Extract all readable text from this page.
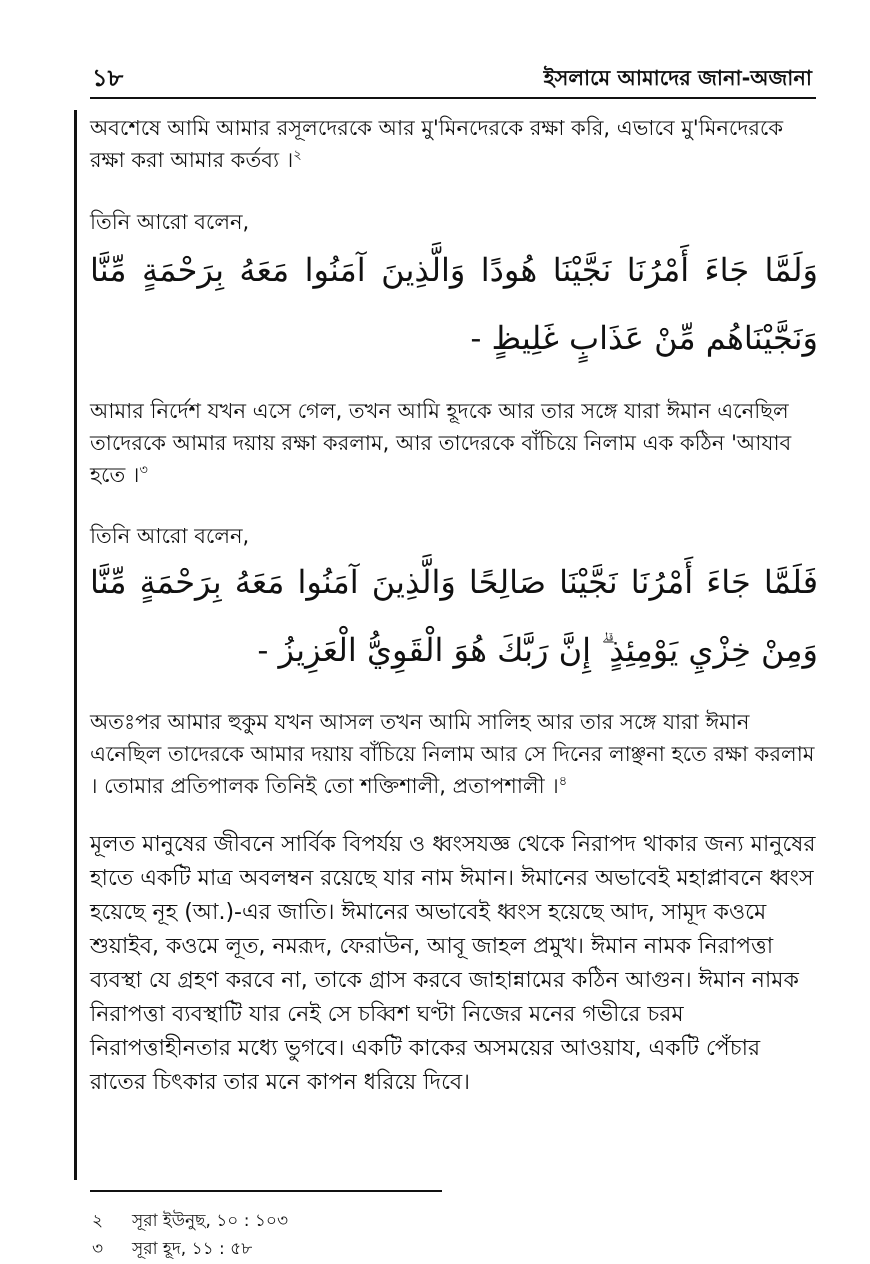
১৮	ইসলামে আমাদের জানা-অজানা
অবশেষে আমি আমার রসূলদেরকে আর মু'মিনদেরকে রক্ষা করি, এভাবে মু'মিনদেরকে রক্ষা করা আমার কর্তব্য ।$^২$
তিনি আরো বলেন,
وَلَمَّا جَاءَ أَمْرُنَا نَجَّيْنَا هُودًا وَالَّذِينَ آمَنُوا مَعَهُ بِرَحْمَةٍ مِّنَّا وَنَجَّيْنَاهُم مِّنْ عَذَابٍ غَلِيظٍ -
আমার নির্দেশ যখন এসে গেল, তখন আমি হূদকে আর তার সঙ্গে যারা ঈমান এনেছিল তাদেরকে আমার দয়ায় রক্ষা করলাম, আর তাদেরকে বাঁচিয়ে নিলাম এক কঠিন 'আযাব হতে ।$^৩$
তিনি আরো বলেন,
فَلَمَّا جَاءَ أَمْرُنَا نَجَّيْنَا صَالِحًا وَالَّذِينَ آمَنُوا مَعَهُ بِرَحْمَةٍ مِّنَّا وَمِنْ خِزْيِ يَوْمِئِذٍ ۗ إِنَّ رَبَّكَ هُوَ الْقَوِيُّ الْعَزِيزُ -
অতঃপর আমার হুকুম যখন আসল তখন আমি সালিহ আর তার সঙ্গে যারা ঈমান এনেছিল তাদেরকে আমার দয়ায় বাঁচিয়ে নিলাম আর সে দিনের লাঞ্ছনা হতে রক্ষা করলাম । তোমার প্রতিপালক তিনিই তো শক্তিশালী, প্রতাপশালী ।$^৪$
মূলত মানুষের জীবনে সার্বিক বিপর্যয় ও ধ্বংসযজ্ঞ থেকে নিরাপদ থাকার জন্য মানুষের হাতে একটি মাত্র অবলম্বন রয়েছে যার নাম ঈমান। ঈমানের অভাবেই মহাপ্লাবনে ধ্বংস হয়েছে নূহ (আ.)-এর জাতি। ঈমানের অভাবেই ধ্বংস হয়েছে আদ, সামূদ কওমে শুয়াইব, কওমে লূত, নমরূদ, ফেরাউন, আবূ জাহল প্রমুখ। ঈমান নামক নিরাপত্তা ব্যবস্থা যে গ্রহণ করবে না, তাকে গ্রাস করবে জাহান্নামের কঠিন আগুন। ঈমান নামক নিরাপত্তা ব্যবস্থাটি যার নেই সে চব্বিশ ঘণ্টা নিজের মনের গভীরে চরম নিরাপত্তাহীনতার মধ্যে ভুগবে। একটি কাকের অসময়ের আওয়ায, একটি পেঁচার রাতের চিৎকার তার মনে কাপন ধরিয়ে দিবে।
২ সূরা ইউনুছ, ১০ : ১০৩
৩ সূরা হূদ, ১১ : ৫৮
